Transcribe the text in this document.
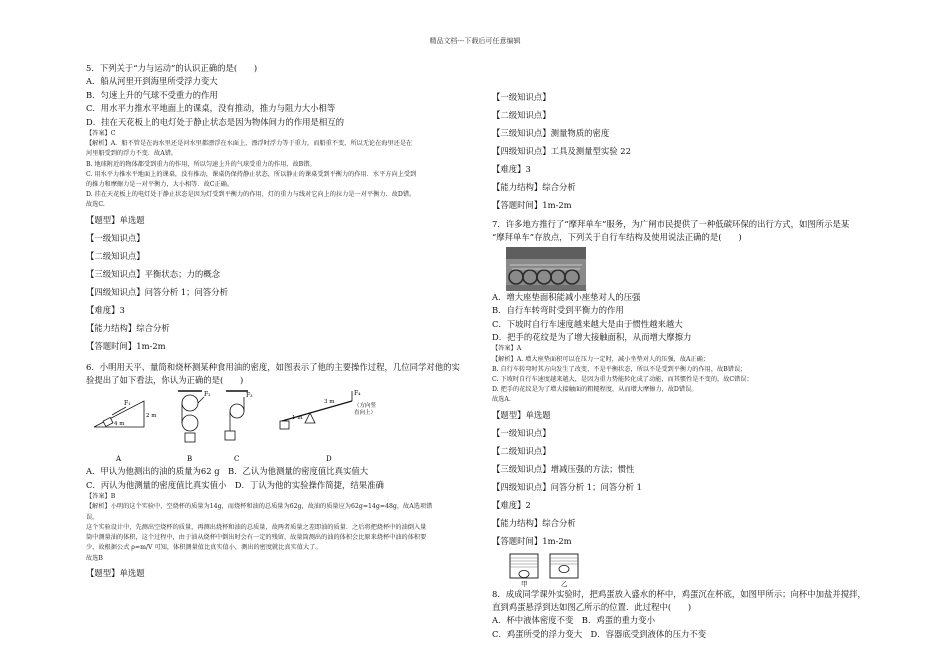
精品文档---下载后可任意编辑
5．下列关于“力与运动”的认识正确的是(　　)
A．船从河里开到海里所受浮力变大
B．匀速上升的气球不受重力的作用
C．用水平力推水平地面上的课桌，没有推动，推力与阻力大小相等
D．挂在天花板上的电灯处于静止状态是因为物体间力的作用是相互的
【答案】C
【解析】A．船不管是在海水里还是河水里都漂浮在水面上，漂浮时浮力等于重力，而船重不变，所以无论在海里还是在
河里船受到的浮力不变．故A错。
B. 地球附近的物体都受到重力的作用，所以匀速上升的气球受重力的作用，故B错。
C. 用水平力推水平地面上的课桌，没有推动，课桌仍保持静止状态，所以静止的课桌受到平衡力的作用．水平方向上受到
的推力和摩擦力是一对平衡力，大小相等．故C正确。
D. 挂在天花板上的电灯处于静止状态是因为灯受到平衡力的作用，灯的重力与线对它向上的拉力是一对平衡力．故D错。
故选C.
【题型】单选题
【一级知识点】
【二级知识点】
【三级知识点】平衡状态；力的概念
【四级知识点】问答分析 1；问答分析
【难度】3
【能力结构】综合分析
【答题时间】1m-2m
6．小明用天平、量筒和烧杯测某种食用油的密度，如图表示了他的主要操作过程，几位同学对他的实
验提出了如下看法，你认为正确的是(　　)
F₁
4 m
2 m
A
F₂
B
F₃
C
F₄
3 m
1 m
（方向竖
直向上）
D
A．甲认为他测出的油的质量为62 g　B．乙认为他测量的密度值比真实值大
C．丙认为他测量的密度值比真实值小　D．丁认为他的实验操作简捷，结果准确
【答案】B
【解析】小明的这个实验中，空烧杯的质量为14g，而烧杯和油的总质量为62g，故油的质量应为62g=14g=48g，故A选项错
误。
这个实验设计中，先测出空烧杯的质量，再测出烧杯和油的总质量，故两者质量之差即油的质量．之后将把烧杯中的油倒入量
筒中测量油的体积，这个过程中，由于油从烧杯中倒出时会有一定的残留，故量筒测出的油的体积会比原来烧杯中油的体积要
少，故根据公式 ρ=m/V 可知，体积测量值比真实值小，测出的密度就比真实值大了。
故选B
【题型】单选题
【一级知识点】
【二级知识点】
【三级知识点】测量物质的密度
【四级知识点】工具及测量型实验 22
【难度】3
【能力结构】综合分析
【答题时间】1m-2m
7．许多地方推行了“摩拜单车”服务，为广闸市民提供了一种低碳环保的出行方式，如图所示是某
“摩拜单车”存放点，下列关于自行车结构及使用说法正确的是(　　)
A．增大座垫面积能减小座垫对人的压强
B．自行车转弯时受到平衡力的作用
C．下坡时自行车速度越来越大是由于惯性越来越大
D．把手的花纹是为了增大接触面积，从而增大摩擦力
【答案】A
【解析】A. 增大座垫面积可以在压力一定时，减小坐垫对人的压强，故A正确；
B. 自行车转弯时其方向发生了改变，不是平衡状态，所以不是受到平衡力的作用，故B错误；
C. 下坡时自行车速度越来越大，是因为重力势能转化成了动能，而其惯性是不变的，故C错误；
D. 把手的花纹是为了增大接触面的粗糙程度，从而增大摩擦力，故D错误。
故选A.
【题型】单选题
【一级知识点】
【二级知识点】
【三级知识点】增减压强的方法；惯性
【四级知识点】问答分析 1；问答分析 1
【难度】2
【能力结构】综合分析
【答题时间】1m-2m
甲	乙
8．成成同学课外实验时，把鸡蛋放入盛水的杯中，鸡蛋沉在杯底，如图甲所示；向杯中加盐并搅拌，
直到鸡蛋悬浮到达如图乙所示的位置．此过程中(　　)
A．杯中液体密度不变　B．鸡蛋的重力变小
C．鸡蛋所受的浮力变大　D．容器底受到液体的压力不变
